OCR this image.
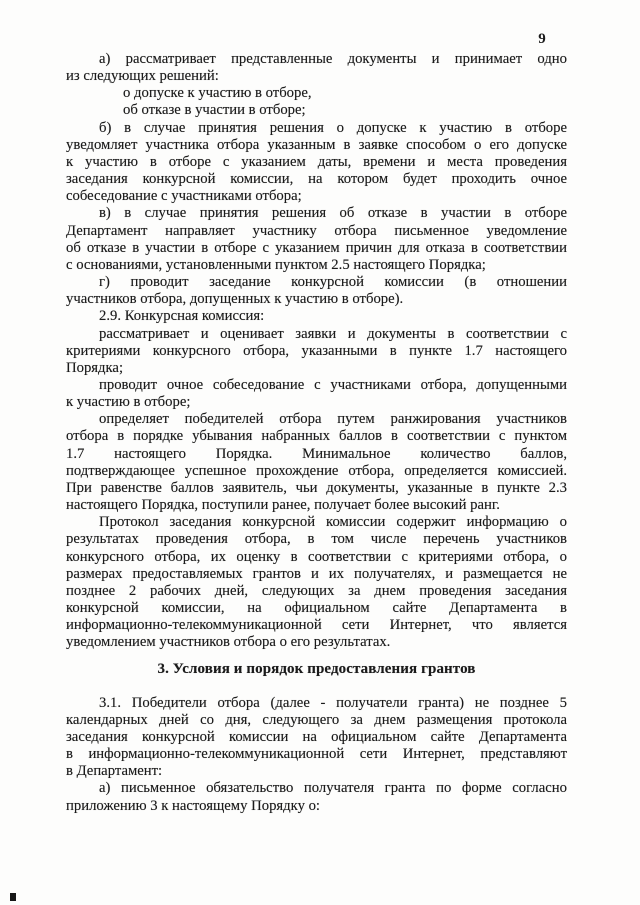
9
а) рассматривает представленные документы и принимает одно
из следующих решений:
о допуске к участию в отборе,
об отказе в участии в отборе;
б) в случае принятия решения о допуске к участию в отборе
уведомляет участника отбора указанным в заявке способом о его допуске
к участию в отборе с указанием даты, времени и места проведения
заседания конкурсной комиссии, на котором будет проходить очное
собеседование с участниками отбора;
в) в случае принятия решения об отказе в участии в отборе
Департамент направляет участнику отбора письменное уведомление
об отказе в участии в отборе с указанием причин для отказа в соответствии
с основаниями, установленными пунктом 2.5 настоящего Порядка;
г) проводит заседание конкурсной комиссии (в отношении
участников отбора, допущенных к участию в отборе).
2.9. Конкурсная комиссия:
рассматривает и оценивает заявки и документы в соответствии с
критериями конкурсного отбора, указанными в пункте 1.7 настоящего
Порядка;
проводит очное собеседование с участниками отбора, допущенными
к участию в отборе;
определяет победителей отбора путем ранжирования участников
отбора в порядке убывания набранных баллов в соответствии с пунктом
1.7 настоящего Порядка. Минимальное количество баллов,
подтверждающее успешное прохождение отбора, определяется комиссией.
При равенстве баллов заявитель, чьи документы, указанные в пункте 2.3
настоящего Порядка, поступили ранее, получает более высокий ранг.
Протокол заседания конкурсной комиссии содержит информацию о
результатах проведения отбора, в том числе перечень участников
конкурсного отбора, их оценку в соответствии с критериями отбора, о
размерах предоставляемых грантов и их получателях, и размещается не
позднее 2 рабочих дней, следующих за днем проведения заседания
конкурсной комиссии, на официальном сайте Департамента в
информационно-телекоммуникационной сети Интернет, что является
уведомлением участников отбора о его результатах.
3. Условия и порядок предоставления грантов
3.1. Победители отбора (далее - получатели гранта) не позднее 5
календарных дней со дня, следующего за днем размещения протокола
заседания конкурсной комиссии на официальном сайте Департамента
в информационно-телекоммуникационной сети Интернет, представляют
в Департамент:
а) письменное обязательство получателя гранта по форме согласно
приложению 3 к настоящему Порядку о:
